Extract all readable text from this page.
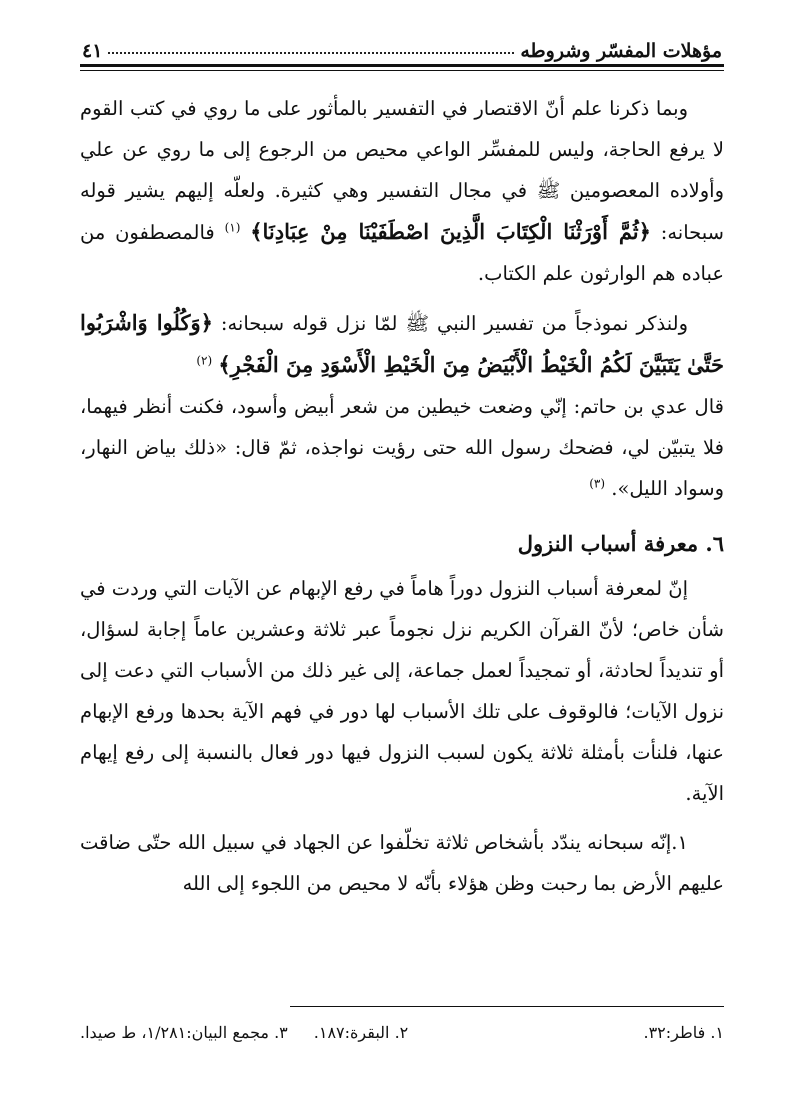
مؤهلات المفسّر وشروطه
٤١

وبما ذكرنا علم أنّ الاقتصار في التفسير بالمأثور على ما روي في كتب القوم لا يرفع الحاجة، وليس للمفسِّر الواعي محيص من الرجوع إلى ما روي عن علي وأولاده المعصومين ﷺ في مجال التفسير وهي كثيرة. ولعلّه إليهم يشير قوله سبحانه: ﴿ثُمَّ أَوْرَثْنَا الْكِتَابَ الَّذِينَ اصْطَفَيْنَا مِنْ عِبَادِنَا﴾ $^{(١)}$ فالمصطفون من عباده هم الوارثون علم الكتاب.

ولنذكر نموذجاً من تفسير النبي ﷺ لمّا نزل قوله سبحانه: ﴿وَكُلُوا وَاشْرَبُوا حَتَّىٰ يَتَبَيَّنَ لَكُمُ الْخَيْطُ الْأَبْيَضُ مِنَ الْخَيْطِ الْأَسْوَدِ مِنَ الْفَجْرِ﴾ $^{(٢)}$

قال عدي بن حاتم: إنّي وضعت خيطين من شعر أبيض وأسود، فكنت أنظر فيهما، فلا يتبيّن لي، فضحك رسول الله حتى رؤيت نواجذه، ثمّ قال: «ذلك بياض النهار، وسواد الليل». $^{(٣)}$

٦. معرفة أسباب النزول

إنّ لمعرفة أسباب النزول دوراً هاماً في رفع الإبهام عن الآيات التي وردت في شأن خاص؛ لأنّ القرآن الكريم نزل نجوماً عبر ثلاثة وعشرين عاماً إجابة لسؤال، أو تنديداً لحادثة، أو تمجيداً لعمل جماعة، إلى غير ذلك من الأسباب التي دعت إلى نزول الآيات؛ فالوقوف على تلك الأسباب لها دور في فهم الآية بحدها ورفع الإبهام عنها، فلنأت بأمثلة ثلاثة يكون لسبب النزول فيها دور فعال بالنسبة إلى رفع إيهام الآية.

١.إنّه سبحانه يندّد بأشخاص ثلاثة تخلّفوا عن الجهاد في سبيل الله حتّى ضاقت عليهم الأرض بما رحبت وظن هؤلاء بأنّه لا محيص من اللجوء إلى الله

١. فاطر:٣٢.
٢. البقرة:١٨٧.
٣. مجمع البيان:١/٢٨١، ط صيدا.
